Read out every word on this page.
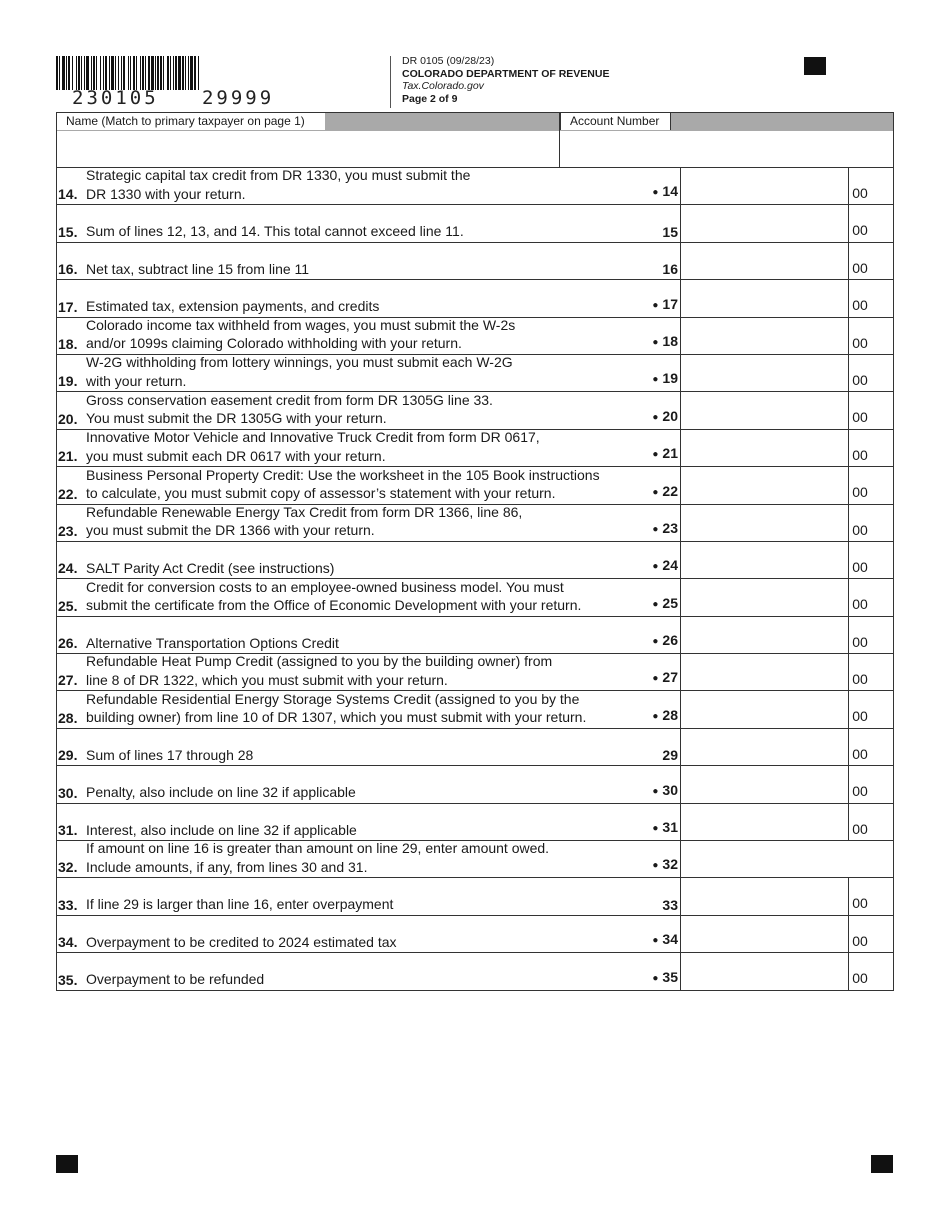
230105   29999
DR 0105 (09/28/23)
COLORADO DEPARTMENT OF REVENUE
Tax.Colorado.gov
Page 2 of 9
Name (Match to primary taxpayer on page 1)	Account Number
14.
Strategic capital tax credit from DR 1330, you must submit the
DR 1330 with your return.	● 14	00
15. Sum of lines 12, 13, and 14. This total cannot exceed line 11.	15	00
16. Net tax, subtract line 15 from line 11	16	00
17. Estimated tax, extension payments, and credits	● 17	00
18.
Colorado income tax withheld from wages, you must submit the W-2s
and/or 1099s claiming Colorado withholding with your return.	● 18	00
19.
W-2G withholding from lottery winnings, you must submit each W-2G
with your return.	● 19	00
20.
Gross conservation easement credit from form DR 1305G line 33.
You must submit the DR 1305G with your return.	● 20	00
21.
Innovative Motor Vehicle and Innovative Truck Credit from form DR 0617,
you must submit each DR 0617 with your return.	● 21	00
22.
Business Personal Property Credit: Use the worksheet in the 105 Book instructions
to calculate, you must submit copy of assessor’s statement with your return.	● 22	00
23.
Refundable Renewable Energy Tax Credit from form DR 1366, line 86,
you must submit the DR 1366 with your return.	● 23	00
24. SALT Parity Act Credit (see instructions)	● 24	00
25.
Credit for conversion costs to an employee-owned business model. You must
submit the certificate from the Office of Economic Development with your return.	● 25	00
26. Alternative Transportation Options Credit	● 26	00
27.
Refundable Heat Pump Credit (assigned to you by the building owner) from
line 8 of DR 1322, which you must submit with your return.	● 27	00
28.
Refundable Residential Energy Storage Systems Credit (assigned to you by the
building owner) from line 10 of DR 1307, which you must submit with your return.	● 28	00
29. Sum of lines 17 through 28	29	00
30. Penalty, also include on line 32 if applicable	● 30	00
31. Interest, also include on line 32 if applicable	● 31	00
32.
If amount on line 16 is greater than amount on line 29, enter amount owed.
Include amounts, if any, from lines 30 and 31.	● 32
33. If line 29 is larger than line 16, enter overpayment	33	00
34. Overpayment to be credited to 2024 estimated tax	● 34	00
35. Overpayment to be refunded	● 35	00
